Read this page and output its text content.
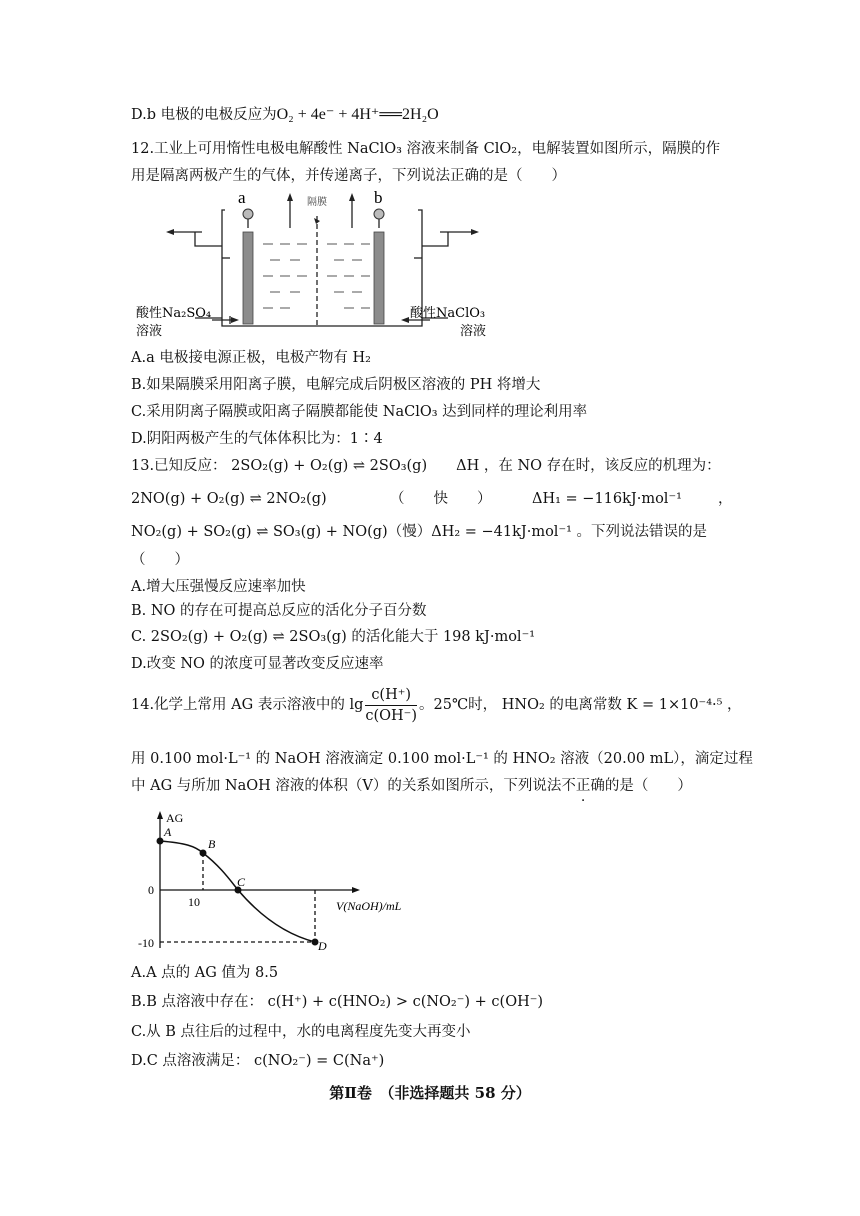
D.b 电极的电极反应为O₂ + 4e⁻ + 4H⁺══2H₂O
12.工业上可用惰性电极电解酸性 NaClO₃ 溶液来制备 ClO₂，电解装置如图所示，隔膜的作
用是隔离两极产生的气体，并传递离子，下列说法正确的是（　　）
a	b
隔膜
酸性Na₂SO₄
溶液
酸性NaClO₃
溶液
A.a 电极接电源正极，电极产物有 H₂
B.如果隔膜采用阳离子膜，电解完成后阴极区溶液的 PH 将增大
C.采用阴离子隔膜或阳离子隔膜都能使 NaClO₃ 达到同样的理论利用率
D.阴阳两极产生的气体体积比为：1∶4
13.已知反应： 2SO₂(g) + O₂(g) ⇌ 2SO₃(g)　　ΔH ，在 NO 存在时，该反应的机理为：
2NO(g) + O₂(g) ⇌ 2NO₂(g)	（　　快　　）	ΔH₁ = −116kJ·mol⁻¹ ，
NO₂(g) + SO₂(g) ⇌ SO₃(g) + NO(g)（慢）ΔH₂ = −41kJ·mol⁻¹ 。下列说法错误的是
（　　）
A.增大压强慢反应速率加快
B. NO 的存在可提高总反应的活化分子百分数
C. 2SO₂(g) + O₂(g) ⇌ 2SO₃(g) 的活化能大于 198 kJ·mol⁻¹
D.改变 NO 的浓度可显著改变反应速率
14.化学上常用 AG 表示溶液中的 $\lg \frac{c(H^+)}{c(OH^-)}$ 。25℃时， HNO₂ 的电离常数 K = 1×10⁻⁴·⁵ ，
用 0.100 mol·L⁻¹ 的 NaOH 溶液滴定 0.100 mol·L⁻¹ 的 HNO₂ 溶液（20.00 mL），滴定过程
中 AG 与所加 NaOH 溶液的体积（V）的关系如图所示，下列说法不正确的是（　　）
AG
V(NaOH)/mL
0
10
-10
A
B
C
D
A.A 点的 AG 值为 8.5
B.B 点溶液中存在： c(H⁺) + c(HNO₂) > c(NO₂⁻) + c(OH⁻)
C.从 B 点往后的过程中，水的电离程度先变大再变小
D.C 点溶液满足： c(NO₂⁻) = C(Na⁺)
第Ⅱ卷　（非选择题共 58 分）
